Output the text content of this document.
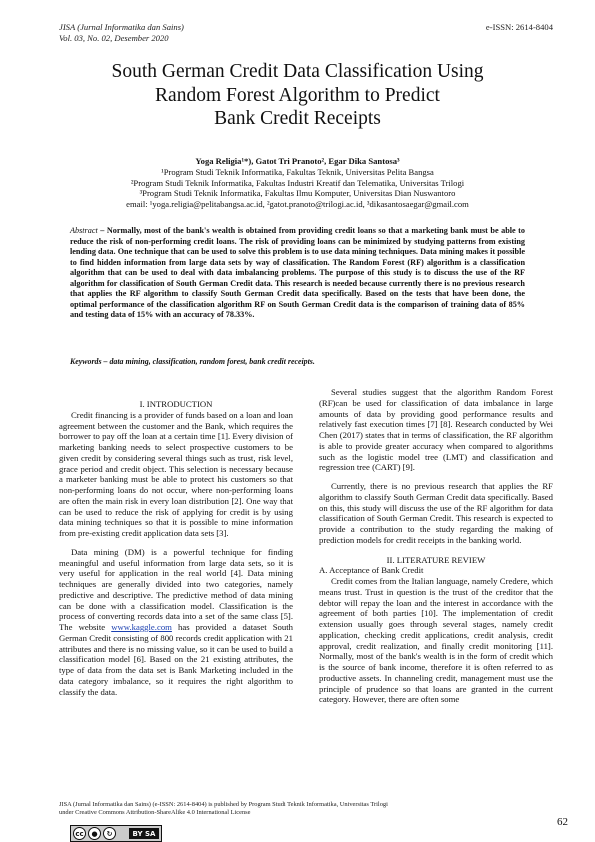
JISA (Jurnal Informatika dan Sains)
Vol. 03, No. 02, Desember 2020
e-ISSN: 2614-8404
South German Credit Data Classification Using
Random Forest Algorithm to Predict
Bank Credit Receipts
Yoga Religia¹*), Gatot Tri Pranoto², Egar Dika Santosa³
¹Program Studi Teknik Informatika, Fakultas Teknik, Universitas Pelita Bangsa
²Program Studi Teknik Informatika, Fakultas Industri Kreatif dan Telematika, Universitas Trilogi
³Program Studi Teknik Informatika, Fakultas Ilmu Komputer, Universitas Dian Nuswantoro
email: ¹yoga.religia@pelitabangsa.ac.id, ²gatot.pranoto@trilogi.ac.id, ³dikasantosaegar@gmail.com
Abstract – Normally, most of the bank's wealth is obtained from providing credit loans so that a marketing bank must be able to reduce the risk of non-performing credit loans. The risk of providing loans can be minimized by studying patterns from existing lending data. One technique that can be used to solve this problem is to use data mining techniques. Data mining makes it possible to find hidden information from large data sets by way of classification. The Random Forest (RF) algorithm is a classification algorithm that can be used to deal with data imbalancing problems. The purpose of this study is to discuss the use of the RF algorithm for classification of South German Credit data. This research is needed because currently there is no previous research that applies the RF algorithm to classify South German Credit data specifically. Based on the tests that have been done, the optimal performance of the classification algorithm RF on South German Credit data is the comparison of training data of 85% and testing data of 15% with an accuracy of 78.33%.
Keywords – data mining, classification, random forest, bank credit receipts.
I. INTRODUCTION

Credit financing is a provider of funds based on a loan and loan agreement between the customer and the Bank, which requires the borrower to pay off the loan at a certain time [1]. Every division of marketing banking needs to select prospective customers to be given credit by considering several things such as trust, risk level, grace period and credit object. This selection is necessary because a marketer banking must be able to protect his customers so that non-performing loans do not occur, where non-performing loans are often the main risk in every loan distribution [2]. One way that can be used to reduce the risk of applying for credit is by using data mining techniques so that it is possible to mine information from pre-existing credit application data sets [3].

Data mining (DM) is a powerful technique for finding meaningful and useful information from large data sets, so it is very useful for application in the real world [4]. Data mining techniques are generally divided into two categories, namely predictive and descriptive. The predictive method of data mining can be done with a classification model. Classification is the process of converting records data into a set of the same class [5]. The website www.kaggle.com has provided a dataset South German Credit consisting of 800 records credit application with 21 attributes and there is no missing value, so it can be used to build a classification model [6]. Based on the 21 existing attributes, the type of data from the data set is Bank Marketing included in the data category imbalance, so it requires the right algorithm to classify the data.

Several studies suggest that the algorithm Random Forest (RF)can be used for classification of data imbalance in large amounts of data by providing good performance results and relatively fast execution times [7] [8]. Research conducted by Wei Chen (2017) states that in terms of classification, the RF algorithm is able to provide greater accuracy when compared to algorithms such as the logistic model tree (LMT) and classification and regression tree (CART) [9].

Currently, there is no previous research that applies the RF algorithm to classify South German Credit data specifically. Based on this, this study will discuss the use of the RF algorithm for data classification of South German Credit. This research is expected to provide a contribution to the study regarding the making of prediction models for credit receipts in the banking world.

II. LITERATURE REVIEW
A. Acceptance of Bank Credit

Credit comes from the Italian language, namely Credere, which means trust. Trust in question is the trust of the creditor that the debtor will repay the loan and the interest in accordance with the agreement of both parties [10]. The implementation of credit extension usually goes through several stages, namely credit application, checking credit applications, credit analysis, credit approval, credit realization, and finally credit monitoring [11]. Normally, most of the bank's wealth is in the form of credit which is the source of bank income, therefore it is often referred to as productive assets. In channeling credit, management must use the principle of prudence so that loans are granted in the current category. However, there are often some

JISA (Jurnal Informatika dan Sains) (e-ISSN: 2614-8404) is published by Program Studi Teknik Informatika, Universitas Trilogi
under Creative Commons Attribution-ShareAlike 4.0 International License
cc	●	↻	BY SA
62
